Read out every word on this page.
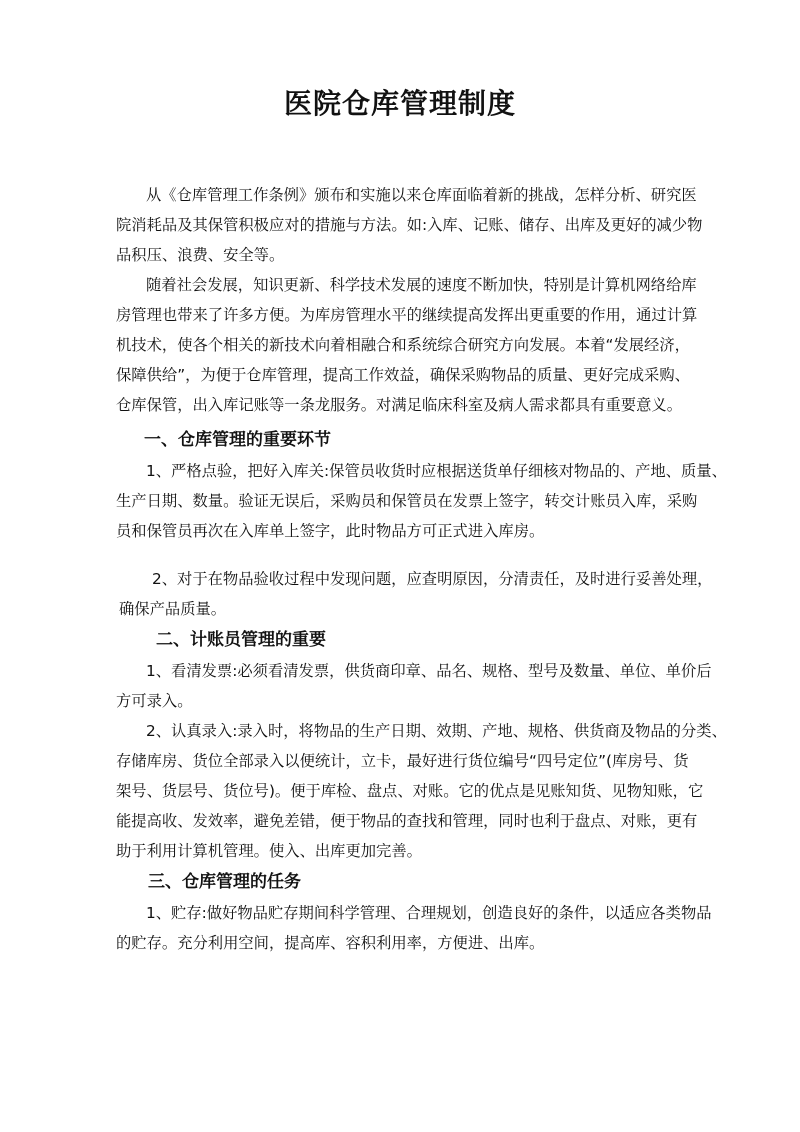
医院仓库管理制度
从《仓库管理工作条例》颁布和实施以来仓库面临着新的挑战，怎样分析、研究医
院消耗品及其保管积极应对的措施与方法。如:入库、记账、储存、出库及更好的减少物
品积压、浪费、安全等。
随着社会发展，知识更新、科学技术发展的速度不断加快，特别是计算机网络给库
房管理也带来了许多方便。为库房管理水平的继续提高发挥出更重要的作用，通过计算
机技术，使各个相关的新技术向着相融合和系统综合研究方向发展。本着“发展经济，
保障供给”，为便于仓库管理，提高工作效益，确保采购物品的质量、更好完成采购、
仓库保管，出入库记账等一条龙服务。对满足临床科室及病人需求都具有重要意义。
一、仓库管理的重要环节
1、严格点验，把好入库关:保管员收货时应根据送货单仔细核对物品的、产地、质量、
生产日期、数量。验证无误后，采购员和保管员在发票上签字，转交计账员入库，采购
员和保管员再次在入库单上签字，此时物品方可正式进入库房。
2、对于在物品验收过程中发现问题，应查明原因，分清责任，及时进行妥善处理，
确保产品质量。
二、计账员管理的重要
1、看清发票:必须看清发票，供货商印章、品名、规格、型号及数量、单位、单价后
方可录入。
2、认真录入:录入时，将物品的生产日期、效期、产地、规格、供货商及物品的分类、
存储库房、货位全部录入以便统计，立卡，最好进行货位编号“四号定位”(库房号、货
架号、货层号、货位号)。便于库检、盘点、对账。它的优点是见账知货、见物知账，它
能提高收、发效率，避免差错，便于物品的查找和管理，同时也利于盘点、对账，更有
助于利用计算机管理。使入、出库更加完善。
三、仓库管理的任务
1、贮存:做好物品贮存期间科学管理、合理规划，创造良好的条件，以适应各类物品
的贮存。充分利用空间，提高库、容积利用率，方便进、出库。
